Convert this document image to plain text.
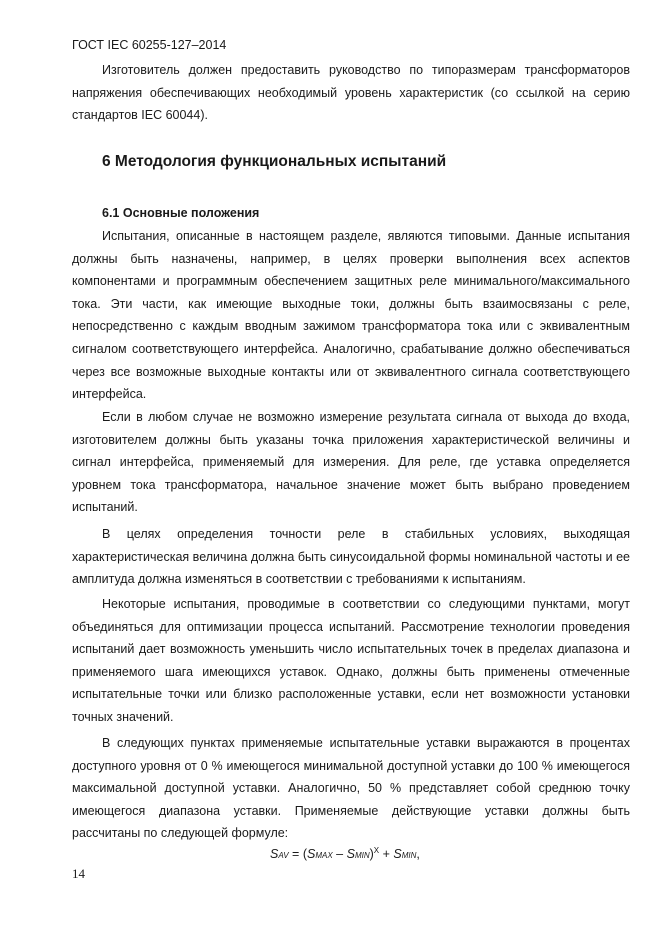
ГОСТ IEC 60255-127–2014

Изготовитель должен предоставить руководство по типоразмерам трансформаторов напряжения обеспечивающих необходимый уровень характеристик (со ссылкой на серию стандартов IEC 60044).

6 Методология функциональных испытаний
6.1 Основные положения

Испытания, описанные в настоящем разделе, являются типовыми. Данные испытания должны быть назначены, например, в целях проверки выполнения всех аспектов компонентами и программным обеспечением защитных реле минимального/максимального тока. Эти части, как имеющие выходные токи, должны быть взаимосвязаны с реле, непосредственно с каждым вводным зажимом трансформатора тока или с эквивалентным сигналом соответствующего интерфейса. Аналогично, срабатывание должно обеспечиваться через все возможные выходные контакты или от эквивалентного сигнала соответствующего интерфейса.

Если в любом случае не возможно измерение результата сигнала от выхода до входа, изготовителем должны быть указаны точка приложения характеристической величины и сигнал интерфейса, применяемый для измерения. Для реле, где уставка определяется уровнем тока трансформатора, начальное значение может быть выбрано проведением испытаний.

В целях определения точности реле в стабильных условиях, выходящая характеристическая величина должна быть синусоидальной формы номинальной частоты и ее амплитуда должна изменяться в соответствии с требованиями к испытаниям.

Некоторые испытания, проводимые в соответствии со следующими пунктами, могут объединяться для оптимизации процесса испытаний. Рассмотрение технологии проведения испытаний дает возможность уменьшить число испытательных точек в пределах диапазона и применяемого шага имеющихся уставок. Однако, должны быть применены отмеченные испытательные точки или близко расположенные уставки, если нет возможности установки точных значений.

В следующих пунктах применяемые испытательные уставки выражаются в процентах доступного уровня от 0 % имеющегося минимальной доступной уставки до 100 % имеющегося максимальной доступной уставки. Аналогично, 50 % представляет собой среднюю точку имеющегося диапазона уставки. Применяемые действующие уставки должны быть рассчитаны по следующей формуле:

SAV = (SMAX – SMIN)$^X$ + SMIN,
14
